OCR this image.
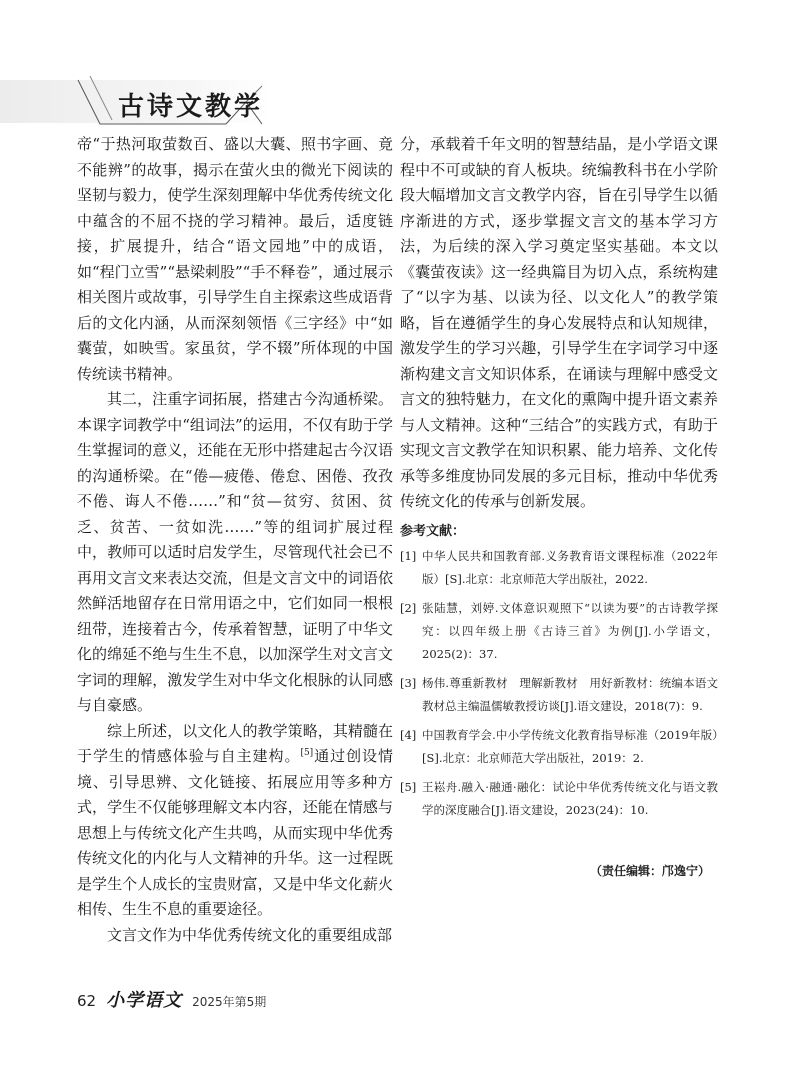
古诗文教学

帝“于热河取萤数百、盛以大囊、照书字画、竟不能辨”的故事，揭示在萤火虫的微光下阅读的坚韧与毅力，使学生深刻理解中华优秀传统文化中蕴含的不屈不挠的学习精神。最后，适度链接，扩展提升，结合“语文园地”中的成语，如“程门立雪”“悬梁刺股”“手不释卷”，通过展示相关图片或故事，引导学生自主探索这些成语背后的文化内涵，从而深刻领悟《三字经》中“如囊萤，如映雪。家虽贫，学不辍”所体现的中国传统读书精神。

其二，注重字词拓展，搭建古今沟通桥梁。本课字词教学中“组词法”的运用，不仅有助于学生掌握词的意义，还能在无形中搭建起古今汉语的沟通桥梁。在“倦—疲倦、倦怠、困倦、孜孜不倦、诲人不倦……”和“贫—贫穷、贫困、贫乏、贫苦、一贫如洗……”等的组词扩展过程中，教师可以适时启发学生，尽管现代社会已不再用文言文来表达交流，但是文言文中的词语依然鲜活地留存在日常用语之中，它们如同一根根纽带，连接着古今，传承着智慧，证明了中华文化的绵延不绝与生生不息，以加深学生对文言文字词的理解，激发学生对中华文化根脉的认同感与自豪感。

综上所述，以文化人的教学策略，其精髓在于学生的情感体验与自主建构。[5]通过创设情境、引导思辨、文化链接、拓展应用等多种方式，学生不仅能够理解文本内容，还能在情感与思想上与传统文化产生共鸣，从而实现中华优秀传统文化的内化与人文精神的升华。这一过程既是学生个人成长的宝贵财富，又是中华文化薪火相传、生生不息的重要途径。

文言文作为中华优秀传统文化的重要组成部

分，承载着千年文明的智慧结晶，是小学语文课程中不可或缺的育人板块。统编教科书在小学阶段大幅增加文言文教学内容，旨在引导学生以循序渐进的方式，逐步掌握文言文的基本学习方法，为后续的深入学习奠定坚实基础。本文以《囊萤夜读》这一经典篇目为切入点，系统构建了“以字为基、以读为径、以文化人”的教学策略，旨在遵循学生的身心发展特点和认知规律，激发学生的学习兴趣，引导学生在字词学习中逐渐构建文言文知识体系，在诵读与理解中感受文言文的独特魅力，在文化的熏陶中提升语文素养与人文精神。这种“三结合”的实践方式，有助于实现文言文教学在知识积累、能力培养、文化传承等多维度协同发展的多元目标，推动中华优秀传统文化的传承与创新发展。

参考文献：
[1] 中华人民共和国教育部.义务教育语文课程标准（2022年版）[S].北京：北京师范大学出版社，2022.
[2] 张陆慧，刘婷.文体意识观照下“以读为要”的古诗教学探究：以四年级上册《古诗三首》为例[J].小学语文，2025(2)：37.
[3] 杨伟.尊重新教材　理解新教材　用好新教材：统编本语文教材总主编温儒敏教授访谈[J].语文建设，2018(7)：9.
[4] 中国教育学会.中小学传统文化教育指导标准（2019年版）[S].北京：北京师范大学出版社，2019：2.
[5] 王崧舟.融入·融通·融化：试论中华优秀传统文化与语文教学的深度融合[J].语文建设，2023(24)：10.
（责任编辑：邝逸宁）
62 小学语文 2025年第5期
